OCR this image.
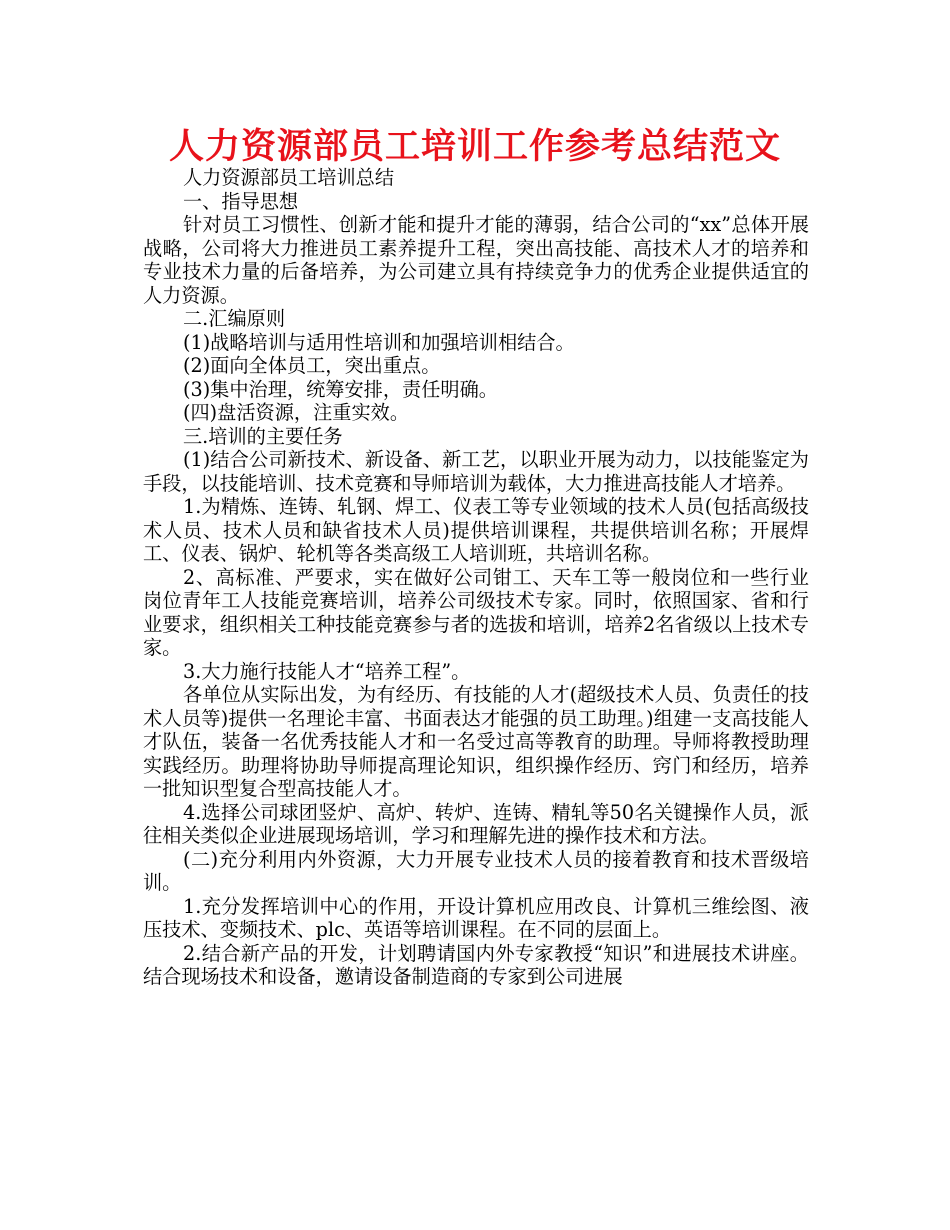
人力资源部员工培训工作参考总结范文

人力资源部员工培训总结

一、指导思想

针对员工习惯性、创新才能和提升才能的薄弱，结合公司的“xx”总体开展战略，公司将大力推进员工素养提升工程，突出高技能、高技术人才的培养和专业技术力量的后备培养，为公司建立具有持续竞争力的优秀企业提供适宜的人力资源。

二.汇编原则

(1)战略培训与适用性培训和加强培训相结合。

(2)面向全体员工，突出重点。

(3)集中治理，统筹安排，责任明确。

(四)盘活资源，注重实效。

三.培训的主要任务

(1)结合公司新技术、新设备、新工艺，以职业开展为动力，以技能鉴定为手段，以技能培训、技术竞赛和导师培训为载体，大力推进高技能人才培养。

1.为精炼、连铸、轧钢、焊工、仪表工等专业领域的技术人员(包括高级技术人员、技术人员和缺省技术人员)提供培训课程，共提供培训名称；开展焊工、仪表、锅炉、轮机等各类高级工人培训班，共培训名称。

2、高标准、严要求，实在做好公司钳工、天车工等一般岗位和一些行业岗位青年工人技能竞赛培训，培养公司级技术专家。同时，依照国家、省和行业要求，组织相关工种技能竞赛参与者的选拔和培训，培养2名省级以上技术专家。

3.大力施行技能人才“培养工程”。

各单位从实际出发，为有经历、有技能的人才(超级技术人员、负责任的技术人员等)提供一名理论丰富、书面表达才能强的员工助理。)组建一支高技能人才队伍，装备一名优秀技能人才和一名受过高等教育的助理。导师将教授助理实践经历。助理将协助导师提高理论知识，组织操作经历、窍门和经历，培养一批知识型复合型高技能人才。

4.选择公司球团竖炉、高炉、转炉、连铸、精轧等50名关键操作人员，派往相关类似企业进展现场培训，学习和理解先进的操作技术和方法。

(二)充分利用内外资源，大力开展专业技术人员的接着教育和技术晋级培训。

1.充分发挥培训中心的作用，开设计算机应用改良、计算机三维绘图、液压技术、变频技术、plc、英语等培训课程。在不同的层面上。

2.结合新产品的开发，计划聘请国内外专家教授“知识”和进展技术讲座。结合现场技术和设备，邀请设备制造商的专家到公司进展
